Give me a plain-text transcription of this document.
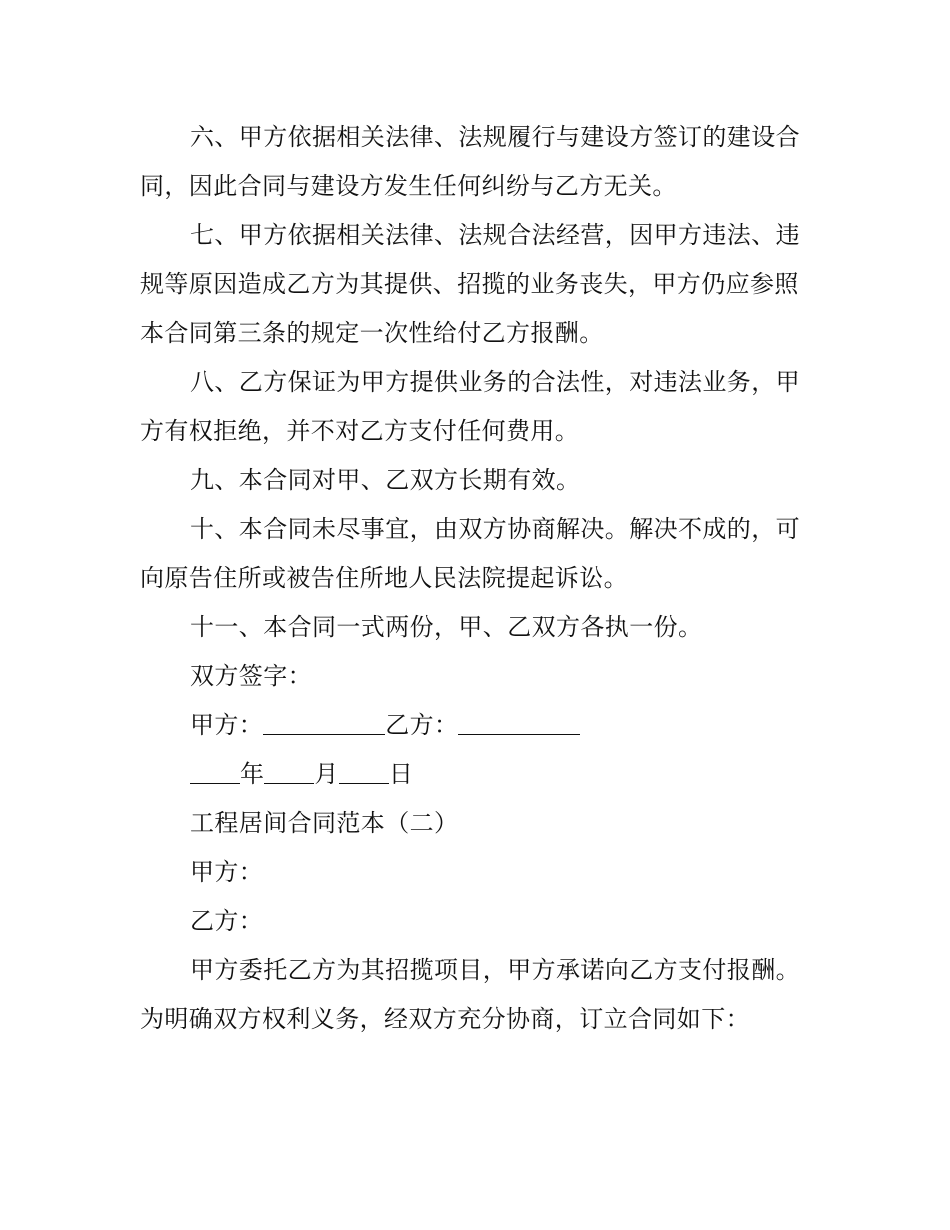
六、甲方依据相关法律、法规履行与建设方签订的建设合同，因此合同与建设方发生任何纠纷与乙方无关。

七、甲方依据相关法律、法规合法经营，因甲方违法、违规等原因造成乙方为其提供、招揽的业务丧失，甲方仍应参照本合同第三条的规定一次性给付乙方报酬。

八、乙方保证为甲方提供业务的合法性，对违法业务，甲方有权拒绝，并不对乙方支付任何费用。

九、本合同对甲、乙双方长期有效。

十、本合同未尽事宜，由双方协商解决。解决不成的，可向原告住所或被告住所地人民法院提起诉讼。

十一、本合同一式两份，甲、乙双方各执一份。

双方签字：

甲方：	乙方：

年 月 日

工程居间合同范本（二）

甲方：

乙方：

甲方委托乙方为其招揽项目，甲方承诺向乙方支付报酬。为明确双方权利义务，经双方充分协商，订立合同如下：
